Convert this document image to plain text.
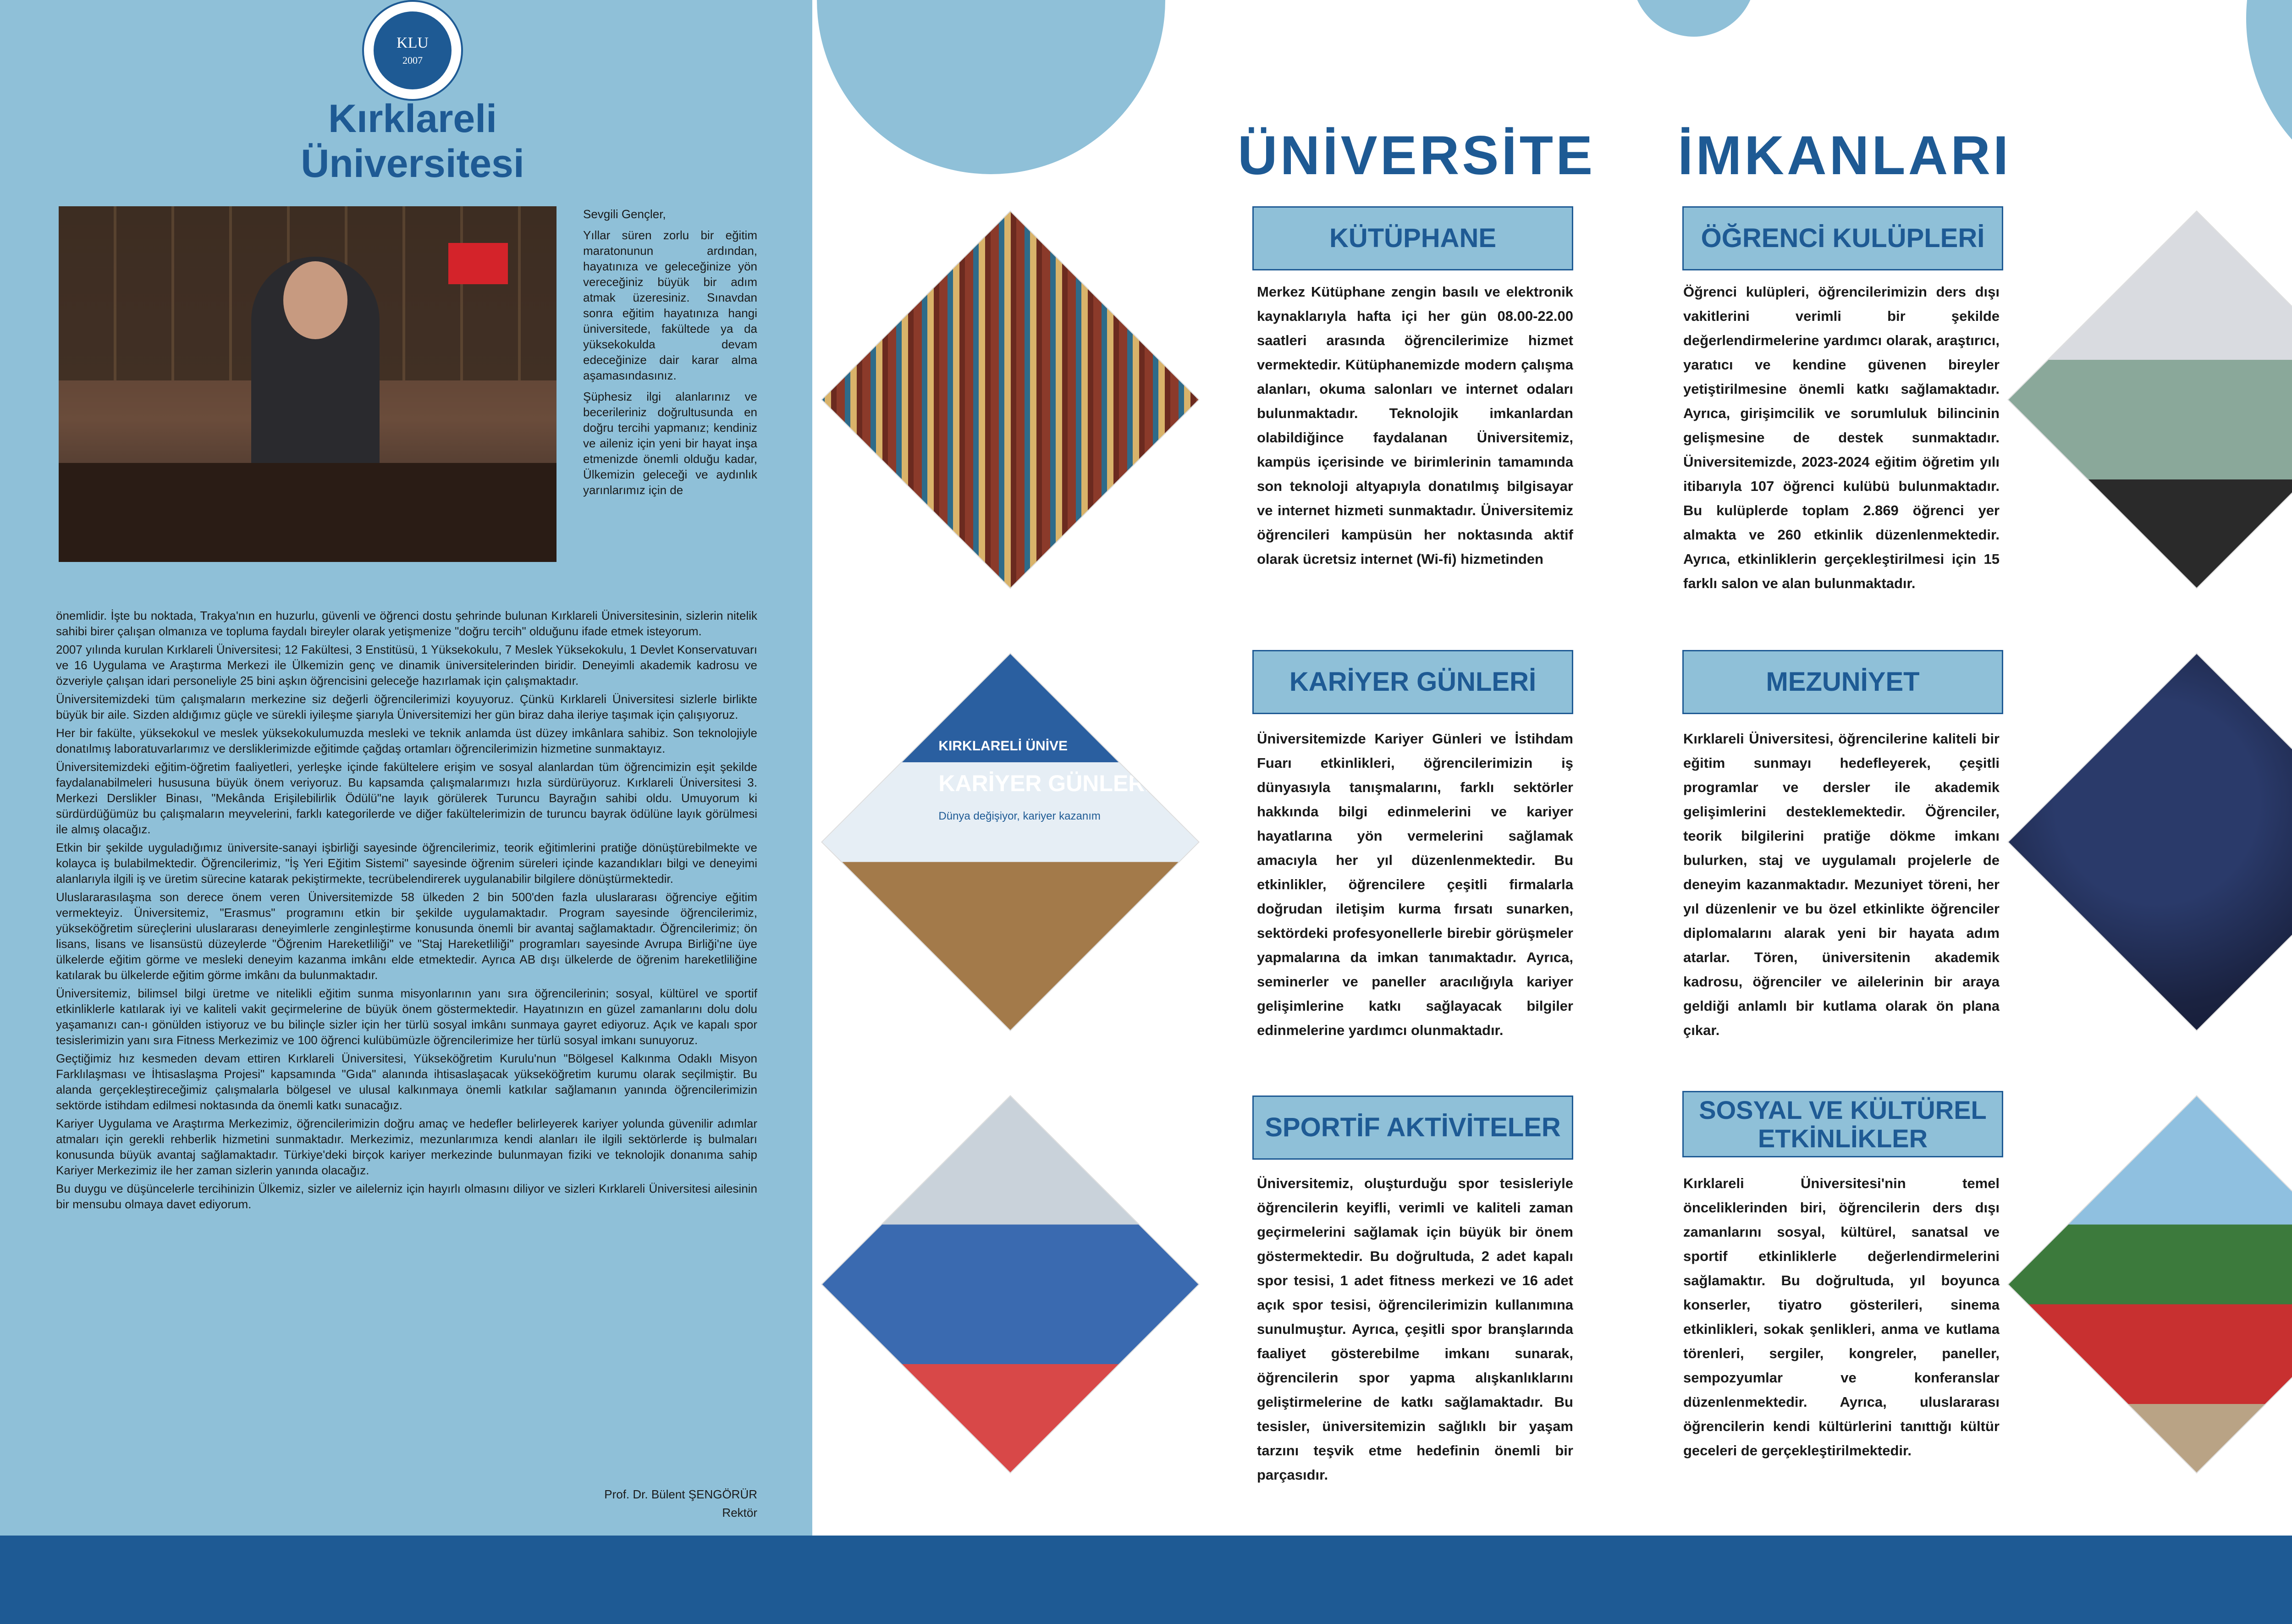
KLU
2007
Kırklareli
Üniversitesi

Sevgili Gençler,

Yıllar süren zorlu bir eğitim maratonunun ardından, hayatınıza ve geleceğinize yön vereceğiniz büyük bir adım atmak üzeresiniz. Sınavdan sonra eğitim hayatınıza hangi üniversitede, fakültede ya da yüksekokulda devam edeceğinize dair karar alma aşamasındasınız.

Şüphesiz ilgi alanlarınız ve becerileriniz doğrultusunda en doğru tercihi yapmanız; kendiniz ve aileniz için yeni bir hayat inşa etmenizde önemli olduğu kadar, Ülkemizin geleceği ve aydınlık yarınlarımız için de

önemlidir. İşte bu noktada, Trakya'nın en huzurlu, güvenli ve öğrenci dostu şehrinde bulunan Kırklareli Üniversitesinin, sizlerin nitelik sahibi birer çalışan olmanıza ve topluma faydalı bireyler olarak yetişmenize "doğru tercih" olduğunu ifade etmek isteyorum.

2007 yılında kurulan Kırklareli Üniversitesi; 12 Fakültesi, 3 Enstitüsü, 1 Yüksekokulu, 7 Meslek Yüksekokulu, 1 Devlet Konservatuvarı ve 16 Uygulama ve Araştırma Merkezi ile Ülkemizin genç ve dinamik üniversitelerinden biridir. Deneyimli akademik kadrosu ve özveriyle çalışan idari personeliyle 25 bini aşkın öğrencisini geleceğe hazırlamak için çalışmaktadır.

Üniversitemizdeki tüm çalışmaların merkezine siz değerli öğrencilerimizi koyuyoruz. Çünkü Kırklareli Üniversitesi sizlerle birlikte büyük bir aile. Sizden aldığımız güçle ve sürekli iyileşme şiarıyla Üniversitemizi her gün biraz daha ileriye taşımak için çalışıyoruz.

Her bir fakülte, yüksekokul ve meslek yüksekokulumuzda mesleki ve teknik anlamda üst düzey imkânlara sahibiz. Son teknolojiyle donatılmış laboratuvarlarımız ve dersliklerimizde eğitimde çağdaş ortamları öğrencilerimizin hizmetine sunmaktayız.

Üniversitemizdeki eğitim-öğretim faaliyetleri, yerleşke içinde fakültelere erişim ve sosyal alanlardan tüm öğrencimizin eşit şekilde faydalanabilmeleri hususuna büyük önem veriyoruz. Bu kapsamda çalışmalarımızı hızla sürdürüyoruz. Kırklareli Üniversitesi 3. Merkezi Derslikler Binası, "Mekânda Erişilebilirlik Ödülü"ne layık görülerek Turuncu Bayrağın sahibi oldu. Umuyorum ki sürdürdüğümüz bu çalışmaların meyvelerini, farklı kategorilerde ve diğer fakültelerimizin de turuncu bayrak ödülüne layık görülmesi ile almış olacağız.

Etkin bir şekilde uyguladığımız üniversite-sanayi işbirliği sayesinde öğrencilerimiz, teorik eğitimlerini pratiğe dönüştürebilmekte ve kolayca iş bulabilmektedir. Öğrencilerimiz, "İş Yeri Eğitim Sistemi" sayesinde öğrenim süreleri içinde kazandıkları bilgi ve deneyimi alanlarıyla ilgili iş ve üretim sürecine katarak pekiştirmekte, tecrübelendirerek uygulanabilir bilgilere dönüştürmektedir.

Uluslararasılaşma son derece önem veren Üniversitemizde 58 ülkeden 2 bin 500'den fazla uluslararası öğrenciye eğitim vermekteyiz. Üniversitemiz, "Erasmus" programını etkin bir şekilde uygulamaktadır. Program sayesinde öğrencilerimiz, yükseköğretim süreçlerini uluslararası deneyimlerle zenginleştirme konusunda önemli bir avantaj sağlamaktadır. Öğrencilerimiz; ön lisans, lisans ve lisansüstü düzeylerde "Öğrenim Hareketliliği" ve "Staj Hareketliliği" programları sayesinde Avrupa Birliği'ne üye ülkelerde eğitim görme ve mesleki deneyim kazanma imkânı elde etmektedir. Ayrıca AB dışı ülkelerde de öğrenim hareketliliğine katılarak bu ülkelerde eğitim görme imkânı da bulunmaktadır.

Üniversitemiz, bilimsel bilgi üretme ve nitelikli eğitim sunma misyonlarının yanı sıra öğrencilerinin; sosyal, kültürel ve sportif etkinliklerle katılarak iyi ve kaliteli vakit geçirmelerine de büyük önem göstermektedir. Hayatınızın en güzel zamanlarını dolu dolu yaşamanızı can-ı gönülden istiyoruz ve bu bilinçle sizler için her türlü sosyal imkânı sunmaya gayret ediyoruz. Açık ve kapalı spor tesislerimizin yanı sıra Fitness Merkezimiz ve 100 öğrenci kulübümüzle öğrencilerimize her türlü sosyal imkanı sunuyoruz.

Geçtiğimiz hız kesmeden devam ettiren Kırklareli Üniversitesi, Yükseköğretim Kurulu'nun "Bölgesel Kalkınma Odaklı Misyon Farklılaşması ve İhtisaslaşma Projesi" kapsamında "Gıda" alanında ihtisaslaşacak yükseköğretim kurumu olarak seçilmiştir. Bu alanda gerçekleştireceğimiz çalışmalarla bölgesel ve ulusal kalkınmaya önemli katkılar sağlamanın yanında öğrencilerimizin sektörde istihdam edilmesi noktasında da önemli katkı sunacağız.

Kariyer Uygulama ve Araştırma Merkezimiz, öğrencilerimizin doğru amaç ve hedefler belirleyerek kariyer yolunda güvenilir adımlar atmaları için gerekli rehberlik hizmetini sunmaktadır. Merkezimiz, mezunlarımıza kendi alanları ile ilgili sektörlerde iş bulmaları konusunda büyük avantaj sağlamaktadır. Türkiye'deki birçok kariyer merkezinde bulunmayan fiziki ve teknolojik donanıma sahip Kariyer Merkezimiz ile her zaman sizlerin yanında olacağız.

Bu duygu ve düşüncelerle tercihinizin Ülkemiz, sizler ve ailelerniz için hayırlı olmasını diliyor ve sizleri Kırklareli Üniversitesi ailesinin bir mensubu olmaya davet ediyorum.

Prof. Dr. Bülent ŞENGÖRÜR
Rektör
ÜNİVERSİTE İMKANLARI
KÜTÜPHANE
Merkez Kütüphane zengin basılı ve elektronik kaynaklarıyla hafta içi her gün 08.00-22.00 saatleri arasında öğrencilerimize hizmet vermektedir. Kütüphanemizde modern çalışma alanları, okuma salonları ve internet odaları bulunmaktadır. Teknolojik imkanlardan olabildiğince faydalanan Üniversitemiz, kampüs içerisinde ve birimlerinin tamamında son teknoloji altyapıyla donatılmış bilgisayar ve internet hizmeti sunmaktadır. Üniversitemiz öğrencileri kampüsün her noktasında aktif olarak ücretsiz internet (Wi-fi) hizmetinden
KARİYER GÜNLERİ
Üniversitemizde Kariyer Günleri ve İstihdam Fuarı etkinlikleri, öğrencilerimizin iş dünyasıyla tanışmalarını, farklı sektörler hakkında bilgi edinmelerini ve kariyer hayatlarına yön vermelerini sağlamak amacıyla her yıl düzenlenmektedir. Bu etkinlikler, öğrencilere çeşitli firmalarla doğrudan iletişim kurma fırsatı sunarken, sektördeki profesyonellerle birebir görüşmeler yapmalarına da imkan tanımaktadır. Ayrıca, seminerler ve paneller aracılığıyla kariyer gelişimlerine katkı sağlayacak bilgiler edinmelerine yardımcı olunmaktadır.
SPORTİF AKTİVİTELER
Üniversitemiz, oluşturduğu spor tesisleriyle öğrencilerin keyifli, verimli ve kaliteli zaman geçirmelerini sağlamak için büyük bir önem göstermektedir. Bu doğrultuda, 2 adet kapalı spor tesisi, 1 adet fitness merkezi ve 16 adet açık spor tesisi, öğrencilerimizin kullanımına sunulmuştur. Ayrıca, çeşitli spor branşlarında faaliyet gösterebilme imkanı sunarak, öğrencilerin spor yapma alışkanlıklarını geliştirmelerine de katkı sağlamaktadır. Bu tesisler, üniversitemizin sağlıklı bir yaşam tarzını teşvik etme hedefinin önemli bir parçasıdır.
ÖĞRENCİ KULÜPLERİ
Öğrenci kulüpleri, öğrencilerimizin ders dışı vakitlerini verimli bir şekilde değerlendirmelerine yardımcı olarak, araştırıcı, yaratıcı ve kendine güvenen bireyler yetiştirilmesine önemli katkı sağlamaktadır. Ayrıca, girişimcilik ve sorumluluk bilincinin gelişmesine de destek sunmaktadır. Üniversitemizde, 2023-2024 eğitim öğretim yılı itibarıyla 107 öğrenci kulübü bulunmaktadır. Bu kulüplerde toplam 2.869 öğrenci yer almakta ve 260 etkinlik düzenlenmektedir. Ayrıca, etkinliklerin gerçekleştirilmesi için 15 farklı salon ve alan bulunmaktadır.
MEZUNİYET
Kırklareli Üniversitesi, öğrencilerine kaliteli bir eğitim sunmayı hedefleyerek, çeşitli programlar ve dersler ile akademik gelişimlerini desteklemektedir. Öğrenciler, teorik bilgilerini pratiğe dökme imkanı bulurken, staj ve uygulamalı projelerle de deneyim kazanmaktadır. Mezuniyet töreni, her yıl düzenlenir ve bu özel etkinlikte öğrenciler diplomalarını alarak yeni bir hayata adım atarlar. Tören, üniversitenin akademik kadrosu, öğrenciler ve ailelerinin bir araya geldiği anlamlı bir kutlama olarak ön plana çıkar.
SOSYAL VE KÜLTÜREL ETKİNLİKLER
Kırklareli Üniversitesi'nin temel önceliklerinden biri, öğrencilerin ders dışı zamanlarını sosyal, kültürel, sanatsal ve sportif etkinliklerle değerlendirmelerini sağlamaktır. Bu doğrultuda, yıl boyunca konserler, tiyatro gösterileri, sinema etkinlikleri, sokak şenlikleri, anma ve kutlama törenleri, sergiler, kongreler, paneller, sempozyumlar ve konferanslar düzenlenmektedir. Ayrıca, uluslararası öğrencilerin kendi kültürlerini tanıttığı kültür geceleri de gerçekleştirilmektedir.
KARİYER GÜNLERİ
Dünya değişiyor, kariyer kazanım
KIRKLARELİ ÜNİVE
